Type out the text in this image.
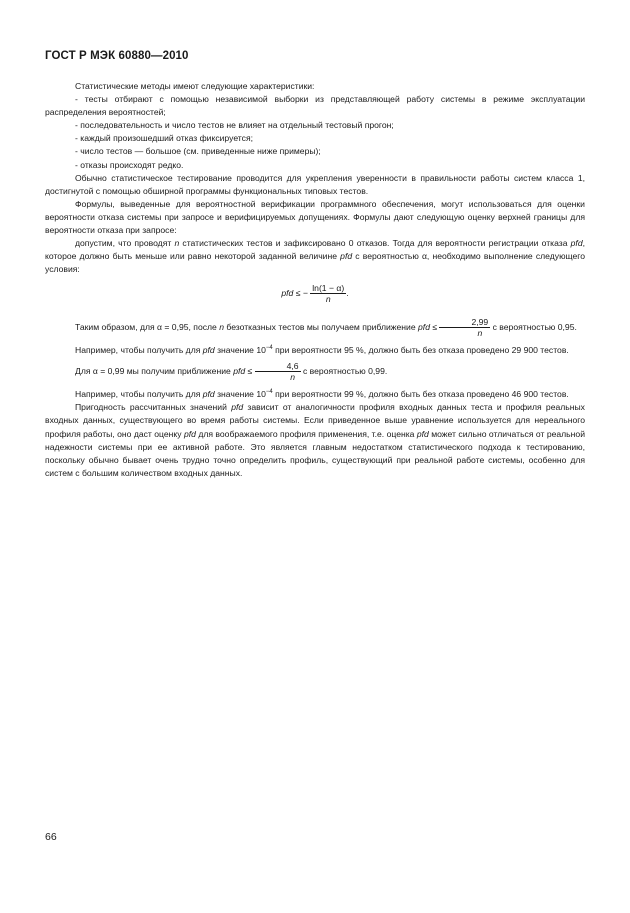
ГОСТ Р МЭК 60880—2010

Статистические методы имеют следующие характеристики:

- тесты отбирают с помощью независимой выборки из представляющей работу системы в режиме эксплуатации распределения вероятностей;

- последовательность и число тестов не влияет на отдельный тестовый прогон;

- каждый произошедший отказ фиксируется;

- число тестов — большое (см. приведенные ниже примеры);

- отказы происходят редко.

Обычно статистическое тестирование проводится для укрепления уверенности в правильности работы систем класса 1, достигнутой с помощью обширной программы функциональных типовых тестов.

Формулы, выведенные для вероятностной верификации программного обеспечения, могут использоваться для оценки вероятности отказа системы при запросе и верифицируемых допущениях. Формулы дают следующую оценку верхней границы для вероятности отказа при запросе:

допустим, что проводят n статистических тестов и зафиксировано 0 отказов. Тогда для вероятности регистрации отказа pfd, которое должно быть меньше или равно некоторой заданной величине pfd с вероятностью α, необходимо выполнение следующего условия:

pfd ≤ − $\frac{\ln(1 - \alpha)}{n}$ .

Таким образом, для α = 0,95, после n безотказных тестов мы получаем приближение pfd ≤ $\frac{2,99}{n}$ с вероятностью 0,95.

Например, чтобы получить для pfd значение $10^{-4}$ при вероятности 95 %, должно быть без отказа проведено 29 900 тестов.

Для α = 0,99 мы получим приближение pfd ≤ $\frac{4,6}{n}$ с вероятностью 0,99.

Например, чтобы получить для pfd значение $10^{-4}$ при вероятности 99 %, должно быть без отказа проведено 46 900 тестов.

Пригодность рассчитанных значений pfd зависит от аналогичности профиля входных данных теста и профиля реальных входных данных, существующего во время работы системы. Если приведенное выше уравнение используется для нереального профиля работы, оно даст оценку pfd для воображаемого профиля применения, т.е. оценка pfd может сильно отличаться от реальной надежности системы при ее активной работе. Это является главным недостатком статистического подхода к тестированию, поскольку обычно бывает очень трудно точно определить профиль, существующий при реальной работе системы, особенно для систем с большим количеством входных данных.

66
